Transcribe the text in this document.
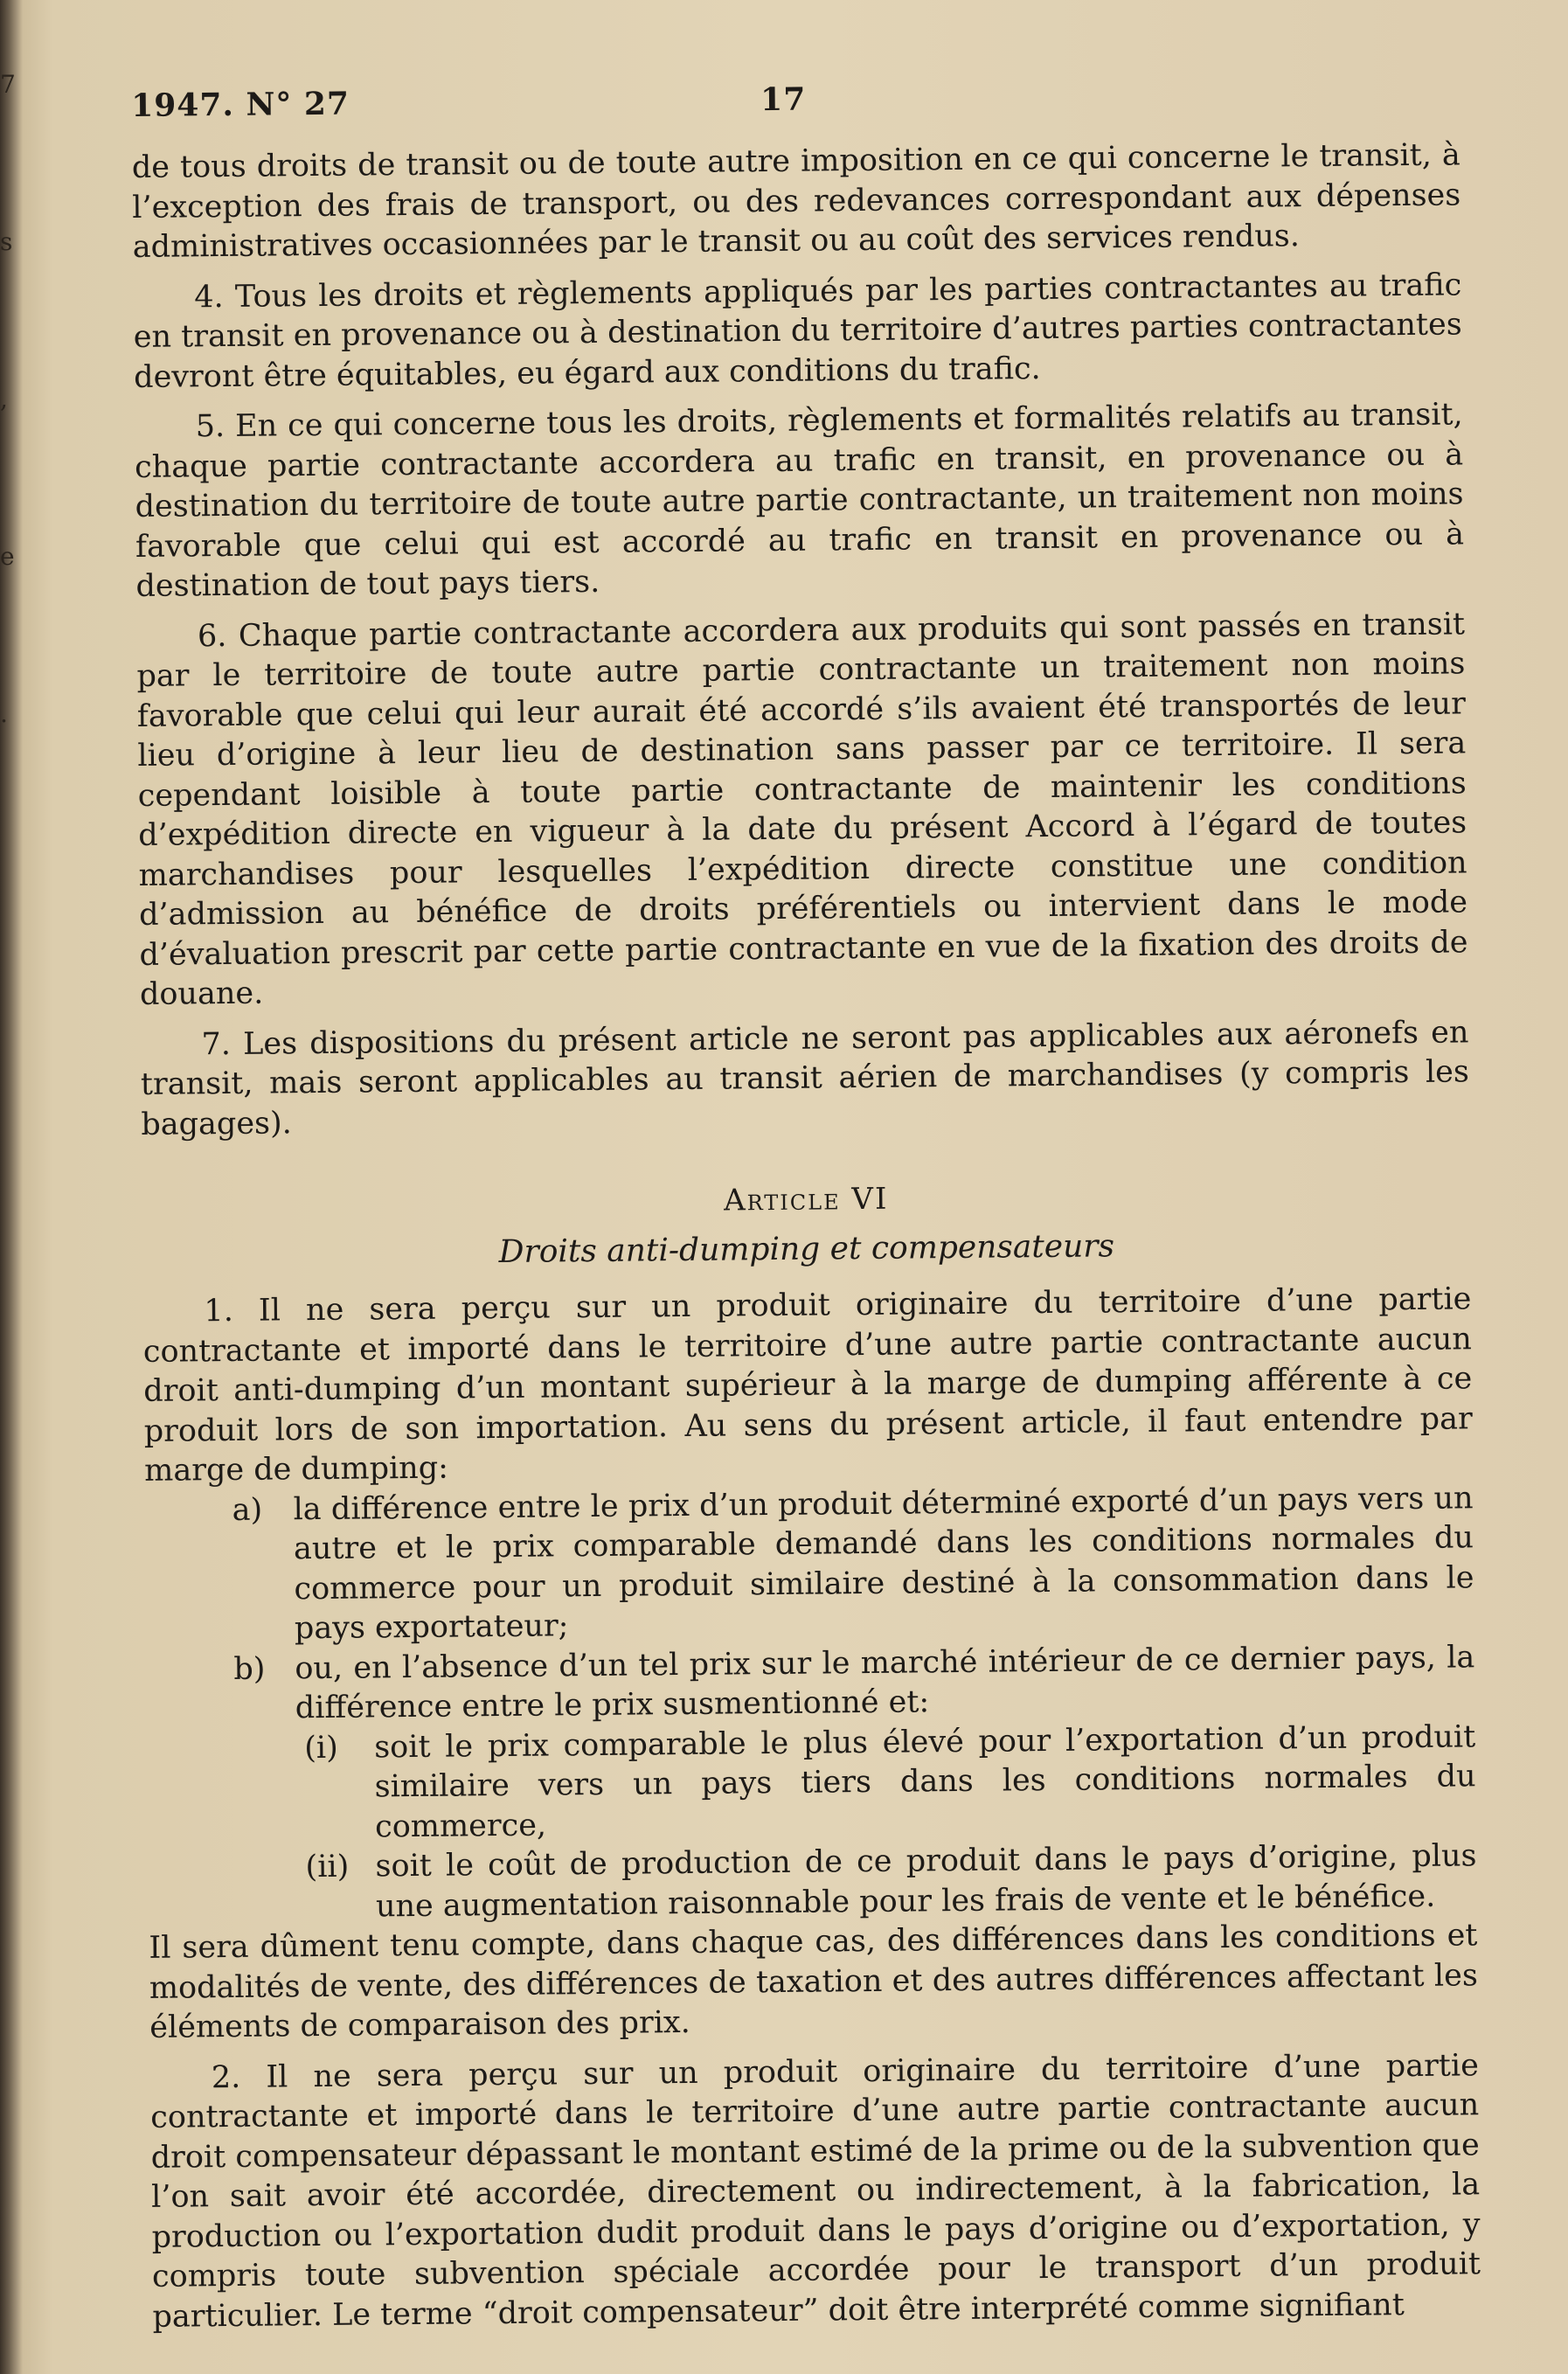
7
s
,
e
.
1947. N° 27	17

de tous droits de transit ou de toute autre imposition en ce qui concerne le transit, à l’exception des frais de transport, ou des redevances correspondant aux dépenses administratives occasionnées par le transit ou au coût des services rendus.

4. Tous les droits et règlements appliqués par les parties contractantes au trafic en transit en provenance ou à destination du territoire d’autres parties contractantes devront être équitables, eu égard aux conditions du trafic.

5. En ce qui concerne tous les droits, règlements et formalités relatifs au transit, chaque partie contractante accordera au trafic en transit, en provenance ou à destination du territoire de toute autre partie contractante, un traitement non moins favorable que celui qui est accordé au trafic en transit en provenance ou à destination de tout pays tiers.

6. Chaque partie contractante accordera aux produits qui sont passés en transit par le territoire de toute autre partie contractante un traitement non moins favorable que celui qui leur aurait été accordé s’ils avaient été transportés de leur lieu d’origine à leur lieu de destination sans passer par ce territoire. Il sera cependant loisible à toute partie contractante de maintenir les conditions d’expédition directe en vigueur à la date du présent Accord à l’égard de toutes marchandises pour lesquelles l’expédition directe constitue une condition d’admission au bénéfice de droits préférentiels ou intervient dans le mode d’évaluation prescrit par cette partie contractante en vue de la fixation des droits de douane.

7. Les dispositions du présent article ne seront pas applicables aux aéronefs en transit, mais seront applicables au transit aérien de marchandises (y compris les bagages).

Article VI
Droits anti-dumping et compensateurs

1. Il ne sera perçu sur un produit originaire du territoire d’une partie contractante et importé dans le territoire d’une autre partie contractante aucun droit anti-dumping d’un montant supérieur à la marge de dumping afférente à ce produit lors de son importation. Au sens du présent article, il faut entendre par marge de dumping:

a)	la différence entre le prix d’un produit déterminé exporté d’un pays vers un autre et le prix comparable demandé dans les conditions normales du commerce pour un produit similaire destiné à la consommation dans le pays exportateur;
b) ou, en l’absence d’un tel prix sur le marché intérieur de ce dernier pays, la différence entre le prix susmentionné et:
(i)	soit le prix comparable le plus élevé pour l’exportation d’un produit similaire vers un pays tiers dans les conditions normales du commerce,
(ii) soit le coût de production de ce produit dans le pays d’origine, plus une augmentation raisonnable pour les frais de vente et le bénéfice.

Il sera dûment tenu compte, dans chaque cas, des différences dans les conditions et modalités de vente, des différences de taxation et des autres différences affectant les éléments de comparaison des prix.

2. Il ne sera perçu sur un produit originaire du territoire d’une partie contractante et importé dans le territoire d’une autre partie contractante aucun droit compensateur dépassant le montant estimé de la prime ou de la subvention que l’on sait avoir été accordée, directement ou indirectement, à la fabrication, la production ou l’exportation dudit produit dans le pays d’origine ou d’exportation, y compris toute subvention spéciale accordée pour le transport d’un produit particulier. Le terme “droit compensateur” doit être interprété comme signifiant
